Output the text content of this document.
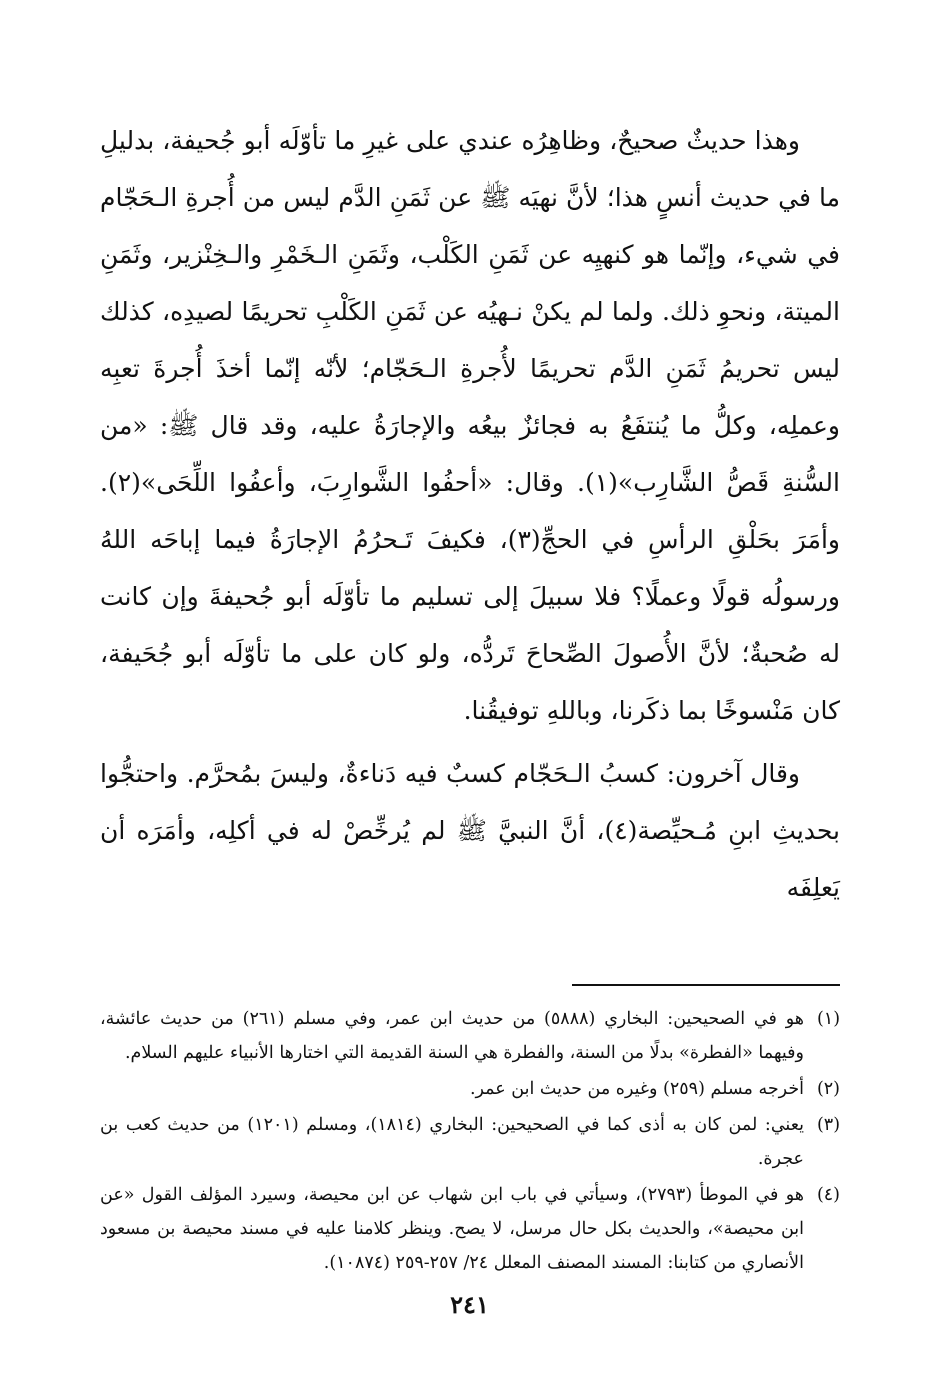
وهذا حديثٌ صحيحٌ، وظاهِرُه عندي على غيرِ ما تأوّلَه أبو جُحيفة، بدليلِ ما في حديث أنسٍ هذا؛ لأنَّ نهيَه ﷺ عن ثَمَنِ الدَّم ليس من أُجرةِ الـحَجّام في شيء، وإنّما هو كنهيِه عن ثَمَنِ الكَلْب، وثَمَنِ الـخَمْرِ والـخِنْزير، وثَمَنِ الميتة، ونحوِ ذلك. ولما لم يكنْ نـهيُه عن ثَمَنِ الكَلْبِ تحريمًا لصيدِه، كذلك ليس تحريمُ ثَمَنِ الدَّم تحريمًا لأُجرةِ الـحَجّام؛ لأنّه إنّما أخذَ أُجرةَ تعبِه وعملِه، وكلُّ ما يُنتفَعُ به فجائزٌ بيعُه والإجارَةُ عليه، وقد قال ﷺ: «من السُّنةِ قَصُّ الشَّارِب»(١). وقال: «أحفُوا الشَّوارِبَ، وأعفُوا اللِّحَى»(٢). وأمَرَ بحَلْقِ الرأسِ في الحجِّ(٣)، فكيفَ تَـحرُمُ الإجارَةُ فيما إباحَه اللهُ ورسولُه قولًا وعملًا؟ فلا سبيلَ إلى تسليم ما تأوّلَه أبو جُحيفةَ وإن كانت له صُحبةٌ؛ لأنَّ الأُصولَ الصِّحاحَ تَردُّه، ولو كان على ما تأوّلَه أبو جُحَيفة، كان مَنْسوخًا بما ذكَرنا، وباللهِ توفيقُنا.

وقال آخرون: كسبُ الـحَجّام كسبٌ فيه دَناءةٌ، وليسَ بمُحرَّم. واحتجُّوا بحديثِ ابنِ مُـحيِّصة(٤)، أنَّ النبيَّ ﷺ لم يُرخِّصْ له في أكلِه، وأمَرَه أن يَعلِفَه

(١)هو في الصحيحين: البخاري (٥٨٨٨) من حديث ابن عمر، وفي مسلم (٢٦١) من حديث عائشة، وفيهما «الفطرة» بدلًا من السنة، والفطرة هي السنة القديمة التي اختارها الأنبياء عليهم السلام.

(٢)أخرجه مسلم (٢٥٩) وغيره من حديث ابن عمر.

(٣)يعني: لمن كان به أذى كما في الصحيحين: البخاري (١٨١٤)، ومسلم (١٢٠١) من حديث كعب بن عجرة.

(٤)هو في الموطأ (٢٧٩٣)، وسيأتي في باب ابن شهاب عن ابن محيصة، وسيرد المؤلف القول «عن ابن محيصة»، والحديث بكل حال مرسل، لا يصح. وينظر كلامنا عليه في مسند محيصة بن مسعود الأنصاري من كتابنا: المسند المصنف المعلل ٢٤/ ٢٥٧-٢٥٩ (١٠٨٧٤).

٢٤١
